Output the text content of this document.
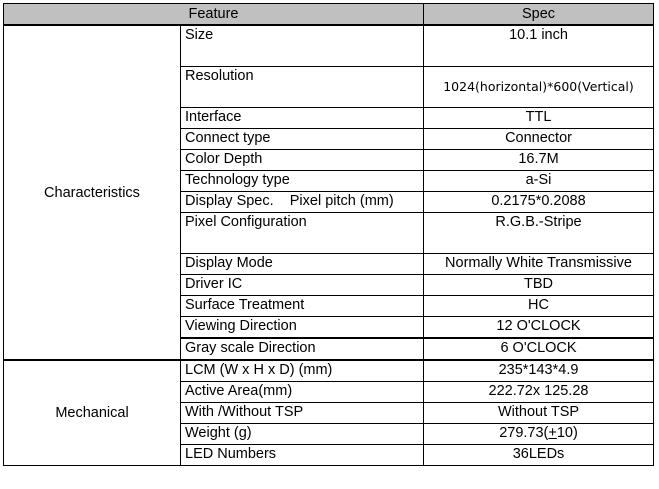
Feature		Spec
Characteristics	Size	10.1 inch
	Resolution	1024(horizontal)*600(Vertical)
	Interface	TTL
	Connect type	Connector
	Color Depth	16.7M
	Technology type	a-Si
	Display Spec.    Pixel pitch (mm)	0.2175*0.2088
	Pixel Configuration	R.G.B.-Stripe
	Display Mode	Normally White Transmissive
	Driver IC	TBD
	Surface Treatment	HC
	Viewing Direction	12 O'CLOCK
	Gray scale Direction	6 O'CLOCK
Mechanical	LCM (W x H x D) (mm)	235*143*4.9
	Active Area(mm)	222.72x 125.28
	With /Without TSP	Without TSP
	Weight (g)	279.73(+10)
	LED Numbers	36LEDs
